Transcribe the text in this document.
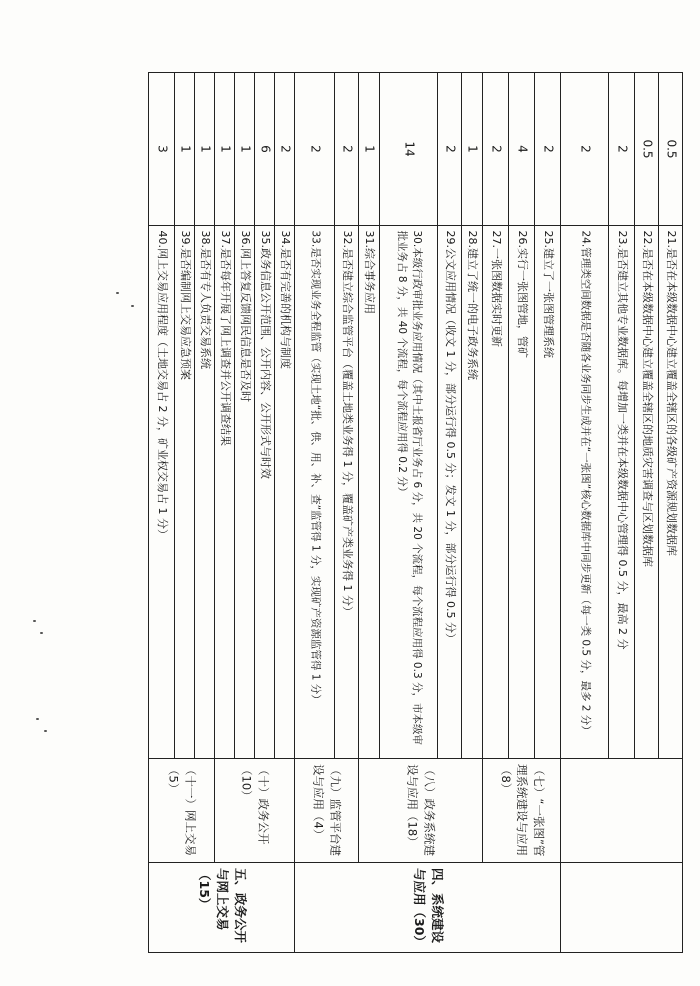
21.是否在本级数据中心建立覆盖全辖区的各级矿产资源规划数据库
0.5
22.是否在本级数据中心建立覆盖全辖区的地质灾害调查与区划数据库
0.5
23.是否建立其他专业数据库。每增加一类并在本级数据中心管理得 0.5 分，最高 2 分
2
24.管理类空间数据是否随各业务同步生成并在“一张图”核心数据库中同步更新（每一类 0.5 分，最多 2 分）
2
25.建立了一张图管理系统
2
26.实行一张图管地，管矿
4
27.一张图数据实时更新
2
28.建立了统一的电子政务系统
1
29.公文应用情况（收文 1 分，部分运行得 0.5 分；发文 1 分，部分运行得 0.5 分）
2
30.本级行政审批业务应用情况（其中土报省厅业务占 6 分，共 20 个流程，每个流程应用得 0.3 分，市本级审批业务占 8 分，共 40 个流程，每个流程应用得 0.2 分）
14
31.综合事务应用
1
32.是否建立综合监管平台（覆盖土地类业务得 1 分，覆盖矿产类业务得 1 分）
2
33.是否实现业务全程监管（实现土地“批、供、用、补、查”监管得 1 分，实现矿产资源监管得 1 分）
2
34.是否有完善的机构与制度
2
35.政务信息公开范围、公开内容、公开形式与时效
6
36.网上答复反馈网民信息是否及时
1
37.是否每年开展了网上调查并公开调查结果
1
38.是否有专人负责交易系统
1
39.是否编制网上交易应急预案
1
40.网上交易应用程度（土地交易占 2 分，矿业权交易占 1 分）
3
（七）“一张图”管理系统建设与应用（8）
（八）政务系统建设与应用（18）
（九）监管平台建设与应用（4）
（十）政务公开（10）
（十一）网上交易（5）
四、系统建设与应用（30）
五、政务公开与网上交易（15）
